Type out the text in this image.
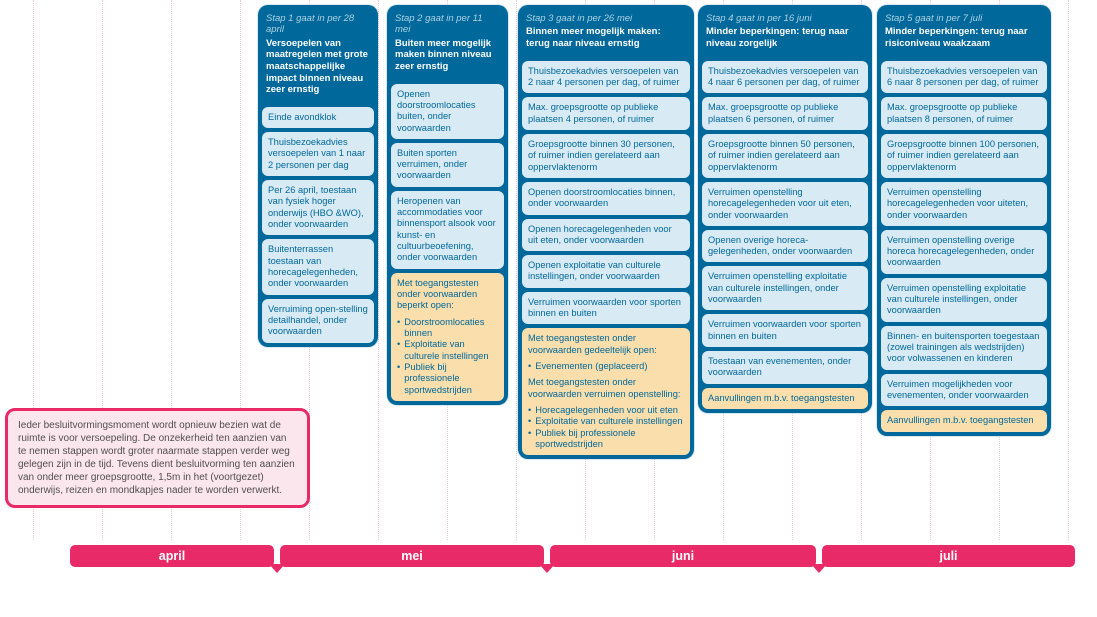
Stap 1 gaat in per 28 april
Versoepelen van maatregelen met grote maatschappelijke impact binnen niveau zeer ernstig
Einde avondklok
Thuisbezoekadvies versoepelen van 1 naar 2 personen per dag
Per 26 april, toestaan van fysiek hoger onderwijs (HBO &WO), onder voorwaarden
Buitenterrassen toestaan van horecagelegenheden, onder voorwaarden
Verruiming open-stelling detailhandel, onder voorwaarden
Stap 2 gaat in per 11 mei
Buiten meer mogelijk maken binnen niveau zeer ernstig
Openen doorstroomlocaties buiten, onder voorwaarden
Buiten sporten verruimen, onder voorwaarden
Heropenen van accommodaties voor binnensport alsook voor kunst- en cultuurbeoefening, onder voorwaarden
Met toegangstesten onder voorwaarden beperkt open:
• Doorstroomlocaties binnen
• Exploitatie van culturele instellingen
• Publiek bij professionele sportwedstrijden
Stap 3 gaat in per 26 mei
Binnen meer mogelijk maken: terug naar niveau ernstig
Thuisbezoekadvies versoepelen van 2 naar 4 personen per dag, of ruimer
Max. groepsgrootte op publieke plaatsen 4 personen, of ruimer
Groepsgrootte binnen 30 personen, of ruimer indien gerelateerd aan oppervlaktenorm
Openen doorstroomlocaties binnen, onder voorwaarden
Openen horecagelegenheden voor uit eten, onder voorwaarden
Openen exploitatie van culturele instellingen, onder voorwaarden
Verruimen voorwaarden voor sporten binnen en buiten
Met toegangstesten onder voorwaarden gedeeltelijk open:
• Evenementen (geplaceerd)
Met toegangstesten onder voorwaarden verruimen openstelling:
• Horecagelegenheden voor uit eten
• Exploitatie van culturele instellingen
• Publiek bij professionele sportwedstrijden
Stap 4 gaat in per 16 juni
Minder beperkingen: terug naar niveau zorgelijk
Thuisbezoekadvies versoepelen van 4 naar 6 personen per dag, of ruimer
Max. groepsgrootte op publieke plaatsen 6 personen, of ruimer
Groepsgrootte binnen 50 personen, of ruimer indien gerelateerd aan oppervlaktenorm
Verruimen openstelling horecagelegenheden voor uit eten, onder voorwaarden
Openen overige horeca-gelegenheden, onder voorwaarden
Verruimen openstelling exploitatie van culturele instellingen, onder voorwaarden
Verruimen voorwaarden voor sporten binnen en buiten
Toestaan van evenementen, onder voorwaarden
Aanvullingen m.b.v. toegangstesten
Stap 5 gaat in per 7 juli
Minder beperkingen: terug naar risiconiveau waakzaam
Thuisbezoekadvies versoepelen van 6 naar 8 personen per dag, of ruimer
Max. groepsgrootte op publieke plaatsen 8 personen, of ruimer
Groepsgrootte binnen 100 personen, of ruimer indien gerelateerd aan oppervlaktenorm
Verruimen openstelling horecagelegenheden voor uiteten, onder voorwaarden
Verruimen openstelling overige horeca horecagelegenheden, onder voorwaarden
Verruimen openstelling exploitatie van culturele instellingen, onder voorwaarden
Binnen- en buitensporten toegestaan (zowel trainingen als wedstrijden) voor volwassenen en kinderen
Verruimen mogelijkheden voor evenementen, onder voorwaarden
Aanvullingen m.b.v. toegangstesten
Ieder besluitvormingsmoment wordt opnieuw bezien wat de ruimte is voor versoepeling. De onzekerheid ten aanzien van te nemen stappen wordt groter naarmate stappen verder weg gelegen zijn in de tijd. Tevens dient besluitvorming ten aanzien van onder meer groepsgrootte, 1,5m in het (voortgezet) onderwijs, reizen en mondkapjes nader te worden verwerkt.
april	mei	juni	juli
